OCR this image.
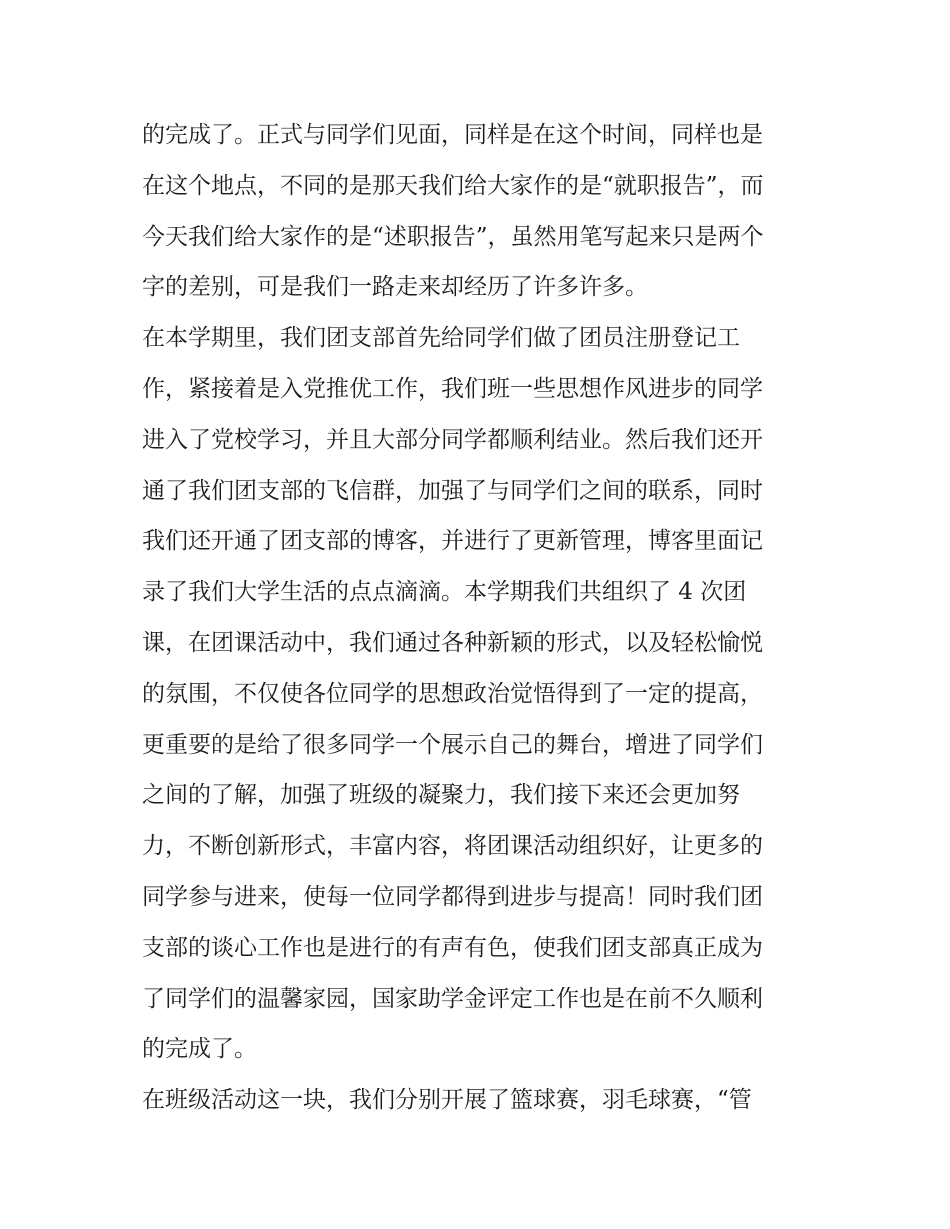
的完成了。正式与同学们见面，同样是在这个时间，同样也是
在这个地点，不同的是那天我们给大家作的是“就职报告”，而
今天我们给大家作的是“述职报告”，虽然用笔写起来只是两个
字的差别，可是我们一路走来却经历了许多许多。
在本学期里，我们团支部首先给同学们做了团员注册登记工
作，紧接着是入党推优工作，我们班一些思想作风进步的同学
进入了党校学习，并且大部分同学都顺利结业。然后我们还开
通了我们团支部的飞信群，加强了与同学们之间的联系，同时
我们还开通了团支部的博客，并进行了更新管理，博客里面记
录了我们大学生活的点点滴滴。本学期我们共组织了 4 次团
课，在团课活动中，我们通过各种新颖的形式，以及轻松愉悦
的氛围，不仅使各位同学的思想政治觉悟得到了一定的提高，
更重要的是给了很多同学一个展示自己的舞台，增进了同学们
之间的了解，加强了班级的凝聚力，我们接下来还会更加努
力，不断创新形式，丰富内容，将团课活动组织好，让更多的
同学参与进来，使每一位同学都得到进步与提高！同时我们团
支部的谈心工作也是进行的有声有色，使我们团支部真正成为
了同学们的温馨家园，国家助学金评定工作也是在前不久顺利
的完成了。
在班级活动这一块，我们分别开展了篮球赛，羽毛球赛，“管
